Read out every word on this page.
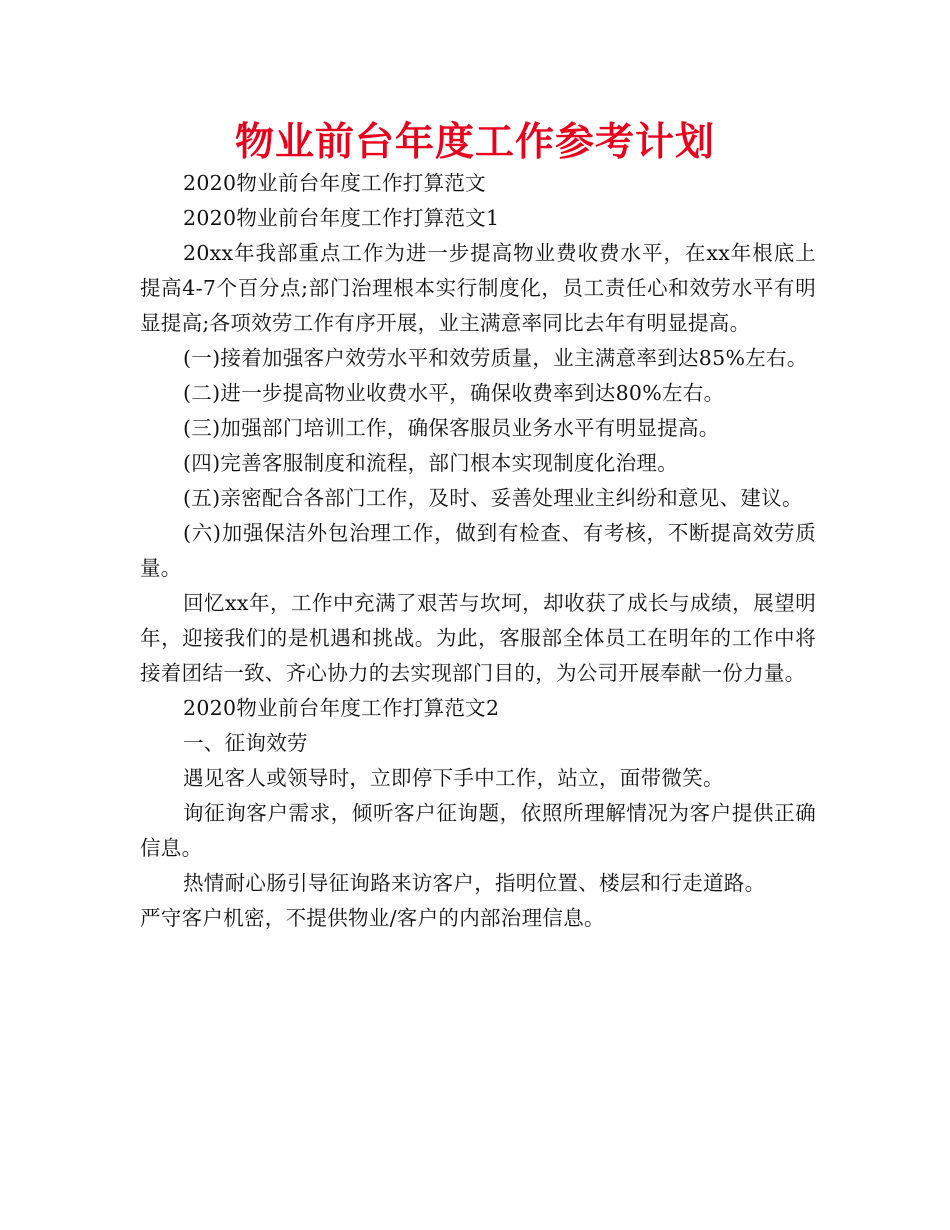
物业前台年度工作参考计划

2020物业前台年度工作打算范文

2020物业前台年度工作打算范文1

20xx年我部重点工作为进一步提高物业费收费水平，在xx年根底上提高4-7个百分点;部门治理根本实行制度化，员工责任心和效劳水平有明显提高;各项效劳工作有序开展，业主满意率同比去年有明显提高。

(一)接着加强客户效劳水平和效劳质量，业主满意率到达85%左右。

(二)进一步提高物业收费水平，确保收费率到达80%左右。

(三)加强部门培训工作，确保客服员业务水平有明显提高。

(四)完善客服制度和流程，部门根本实现制度化治理。

(五)亲密配合各部门工作，及时、妥善处理业主纠纷和意见、建议。

(六)加强保洁外包治理工作，做到有检查、有考核，不断提高效劳质量。

回忆xx年，工作中充满了艰苦与坎坷，却收获了成长与成绩，展望明年，迎接我们的是机遇和挑战。为此，客服部全体员工在明年的工作中将接着团结一致、齐心协力的去实现部门目的，为公司开展奉献一份力量。

2020物业前台年度工作打算范文2

一、征询效劳

遇见客人或领导时，立即停下手中工作，站立，面带微笑。

询征询客户需求，倾听客户征询题，依照所理解情况为客户提供正确信息。

热情耐心肠引导征询路来访客户，指明位置、楼层和行走道路。

严守客户机密，不提供物业/客户的内部治理信息。
